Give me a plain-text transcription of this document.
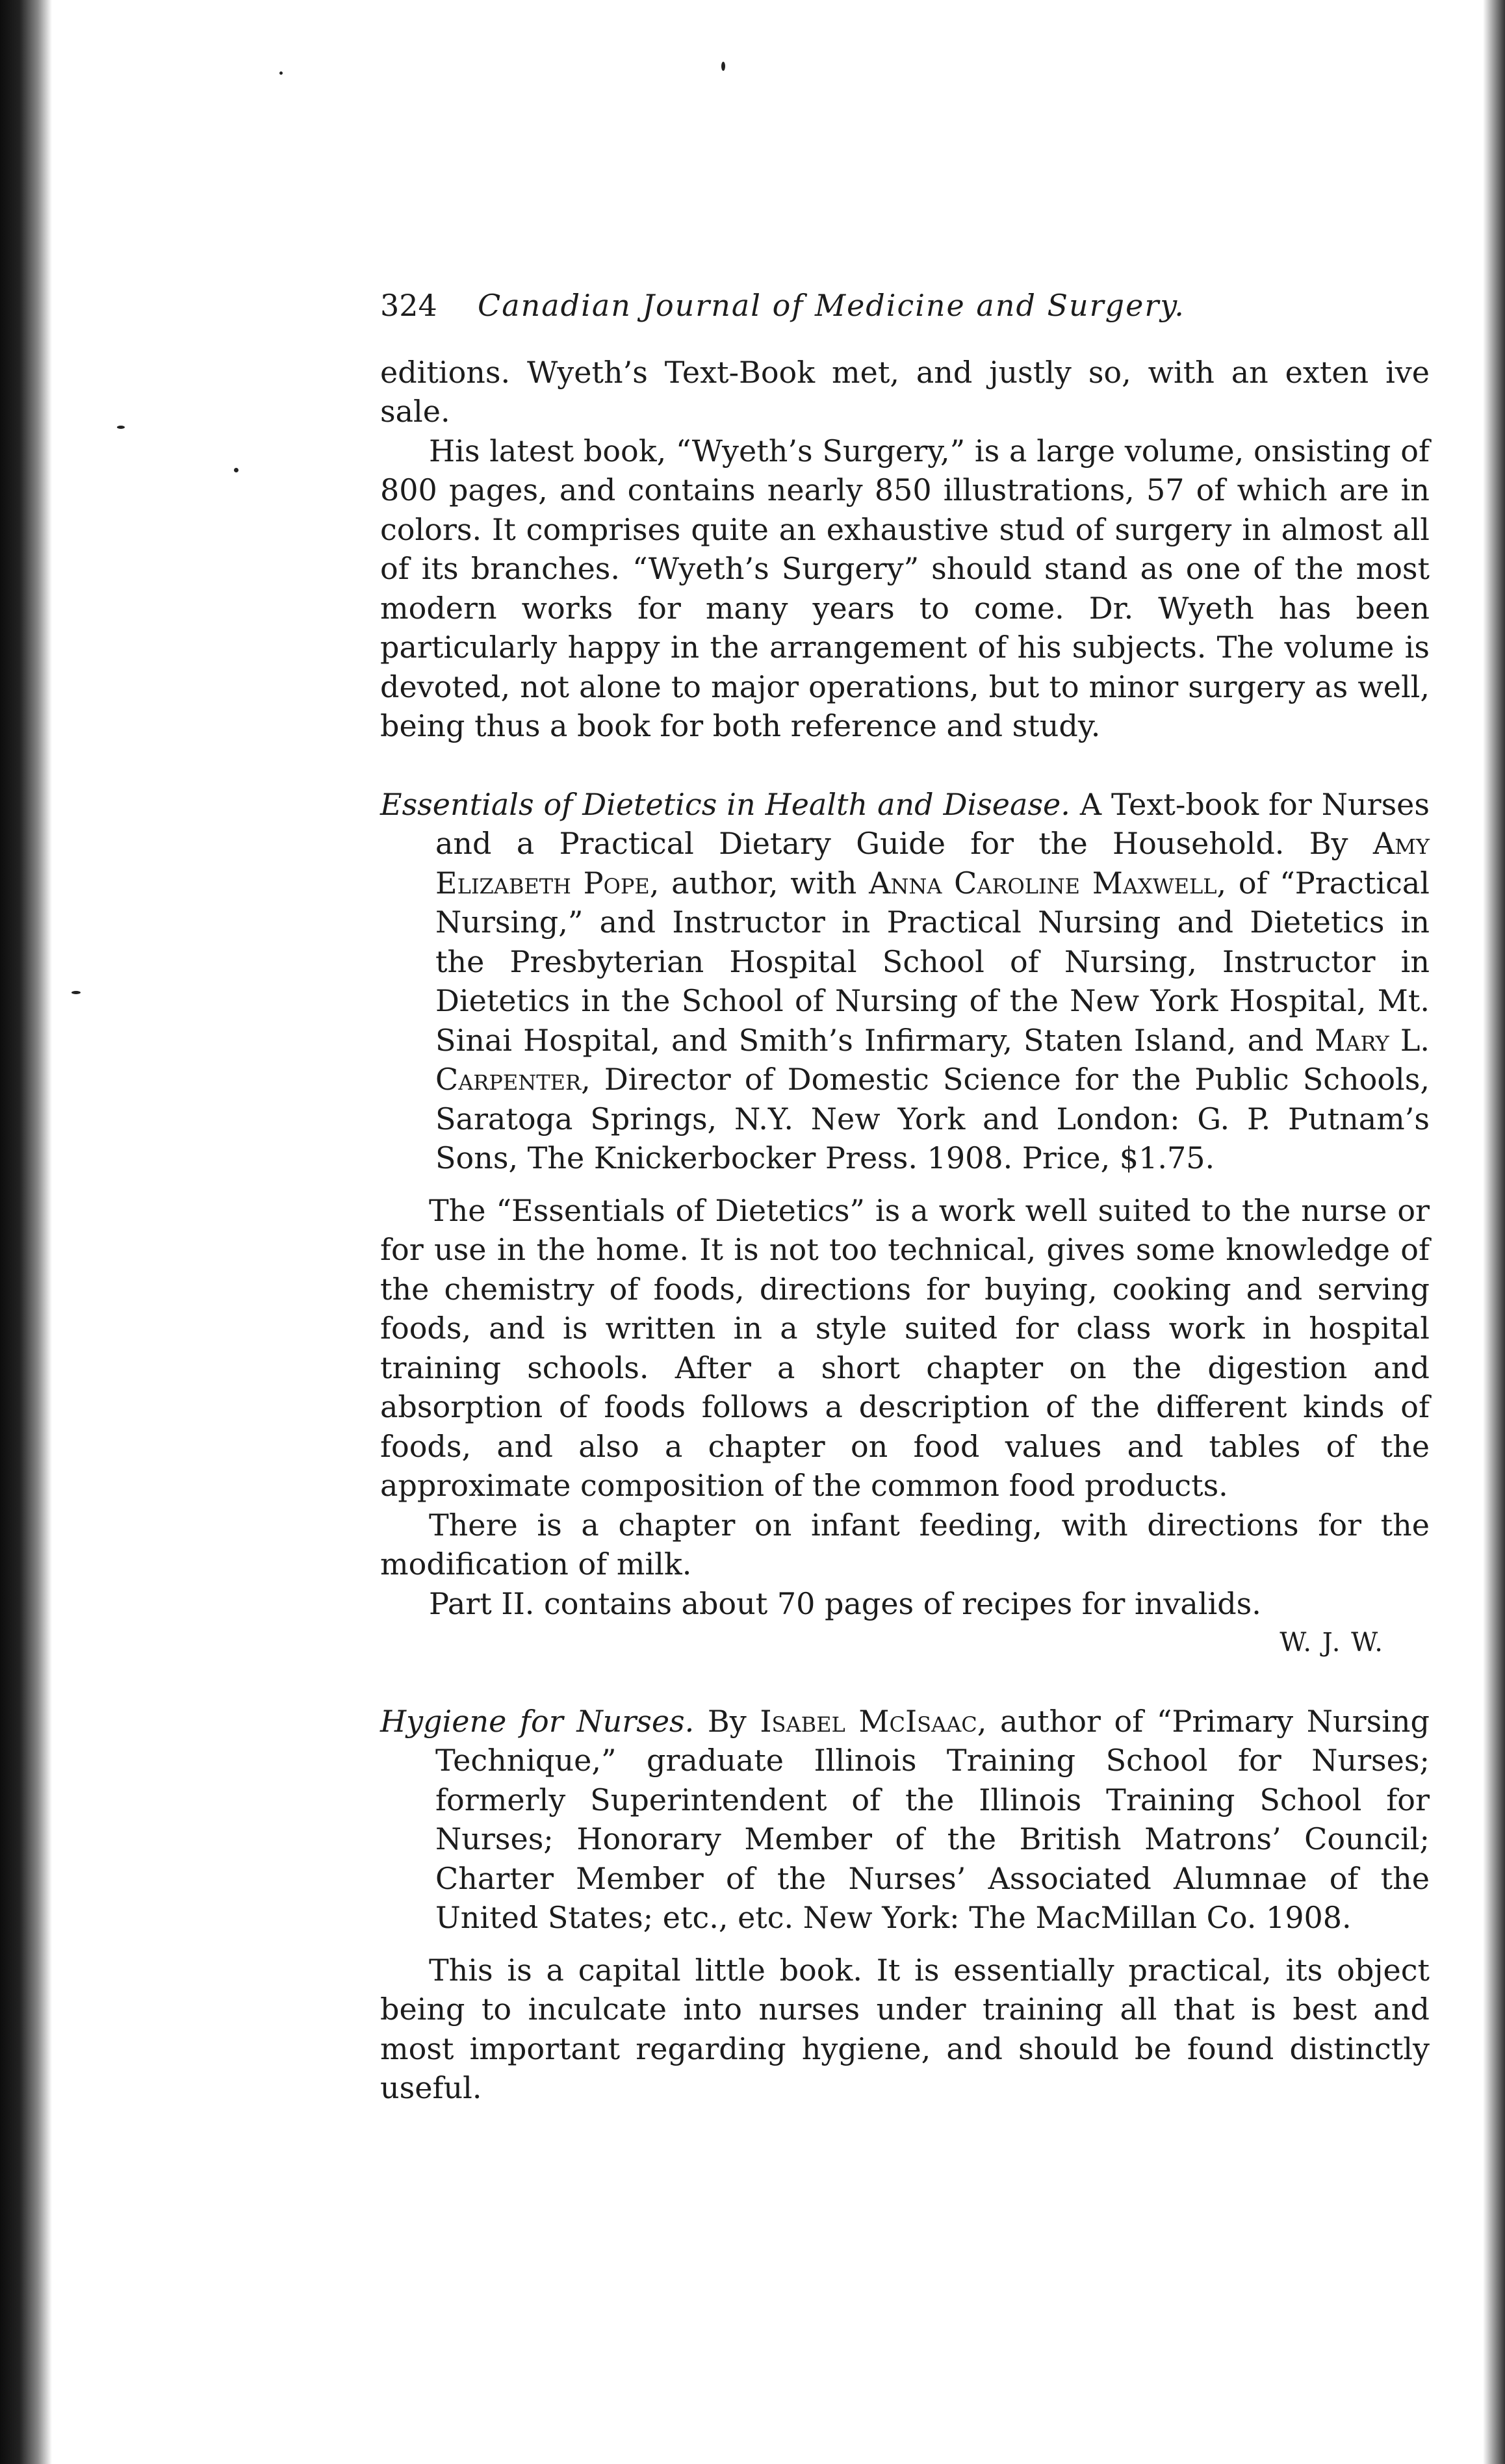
324	Canadian Journal of Medicine and Surgery.

editions. Wyeth’s Text-Book met, and justly so, with an exten ive sale.

His latest book, “Wyeth’s Surgery,” is a large volume, onsisting of 800 pages, and contains nearly 850 illustrations, 57 of which are in colors. It comprises quite an exhaustive stud of surgery in almost all of its branches. “Wyeth’s Surgery” should stand as one of the most modern works for many years to come. Dr. Wyeth has been particularly happy in the arrangement of his subjects. The volume is devoted, not alone to major operations, but to minor surgery as well, being thus a book for both reference and study.

Essentials of Dietetics in Health and Disease. A Text-book for Nurses and a Practical Dietary Guide for the Household. By Amy Elizabeth Pope, author, with Anna Caroline Maxwell, of “Practical Nursing,” and Instructor in Practical Nursing and Dietetics in the Presbyterian Hospital School of Nursing, Instructor in Dietetics in the School of Nursing of the New York Hospital, Mt. Sinai Hospital, and Smith’s Infirmary, Staten Island, and Mary L. Carpenter, Director of Domestic Science for the Public Schools, Saratoga Springs, N.Y. New York and London: G. P. Putnam’s Sons, The Knickerbocker Press. 1908. Price, $1.75.

The “Essentials of Dietetics” is a work well suited to the nurse or for use in the home. It is not too technical, gives some knowledge of the chemistry of foods, directions for buying, cooking and serving foods, and is written in a style suited for class work in hospital training schools. After a short chapter on the digestion and absorption of foods follows a description of the different kinds of foods, and also a chapter on food values and tables of the approximate composition of the common food products.

There is a chapter on infant feeding, with directions for the modification of milk.

Part II. contains about 70 pages of recipes for invalids.

W. J. W.

Hygiene for Nurses. By Isabel McIsaac, author of “Primary Nursing Technique,” graduate Illinois Training School for Nurses; formerly Superintendent of the Illinois Training School for Nurses; Honorary Member of the British Matrons’ Council; Charter Member of the Nurses’ Associated Alumnae of the United States; etc., etc. New York: The MacMillan Co. 1908.

This is a capital little book. It is essentially practical, its object being to inculcate into nurses under training all that is best and most important regarding hygiene, and should be found distinctly useful.
